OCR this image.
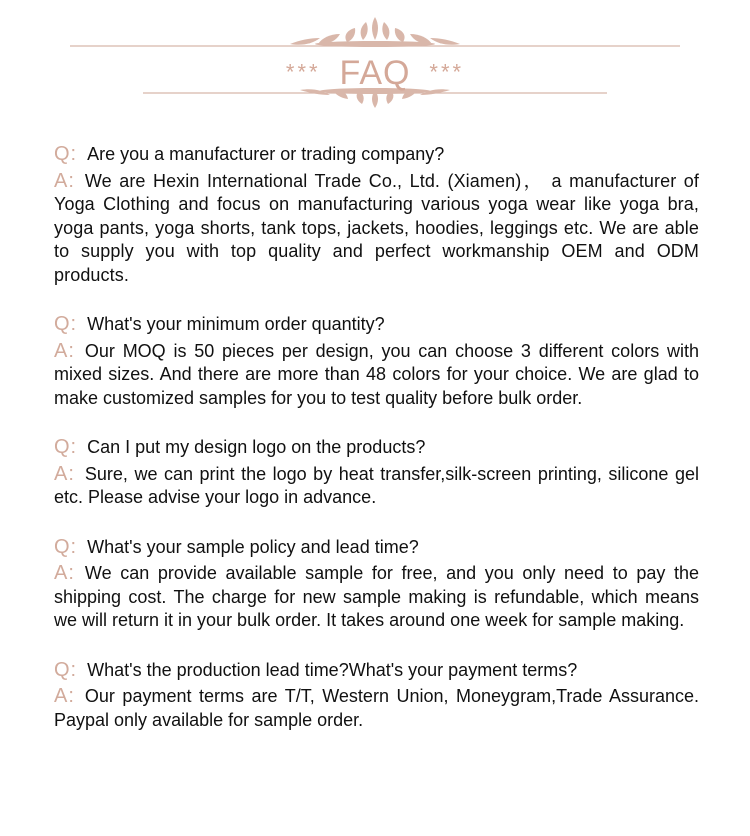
*** FAQ ***
Q: Are you a manufacturer or trading company?
A: We are Hexin International Trade Co., Ltd. (Xiamen)， a manufacturer of Yoga Clothing and focus on manufacturing various yoga wear like yoga bra, yoga pants, yoga shorts, tank tops, jackets, hoodies, leggings etc. We are able to supply you with top quality and perfect workmanship OEM and ODM products.
Q: What's your minimum order quantity?
A: Our MOQ is 50 pieces per design, you can choose 3 different colors with mixed sizes. And there are more than 48 colors for your choice. We are glad to make customized samples for you to test quality before bulk order.
Q: Can I put my design logo on the products?
A: Sure, we can print the logo by heat transfer,silk-screen printing, silicone gel etc. Please advise your logo in advance.
Q: What's your sample policy and lead time?
A: We can provide available sample for free, and you only need to pay the shipping cost. The charge for new sample making is refundable, which means we will return it in your bulk order. It takes around one week for sample making.
Q: What's the production lead time?What's your payment terms?
A: Our payment terms are T/T, Western Union, Moneygram,Trade Assurance. Paypal only available for sample order.
